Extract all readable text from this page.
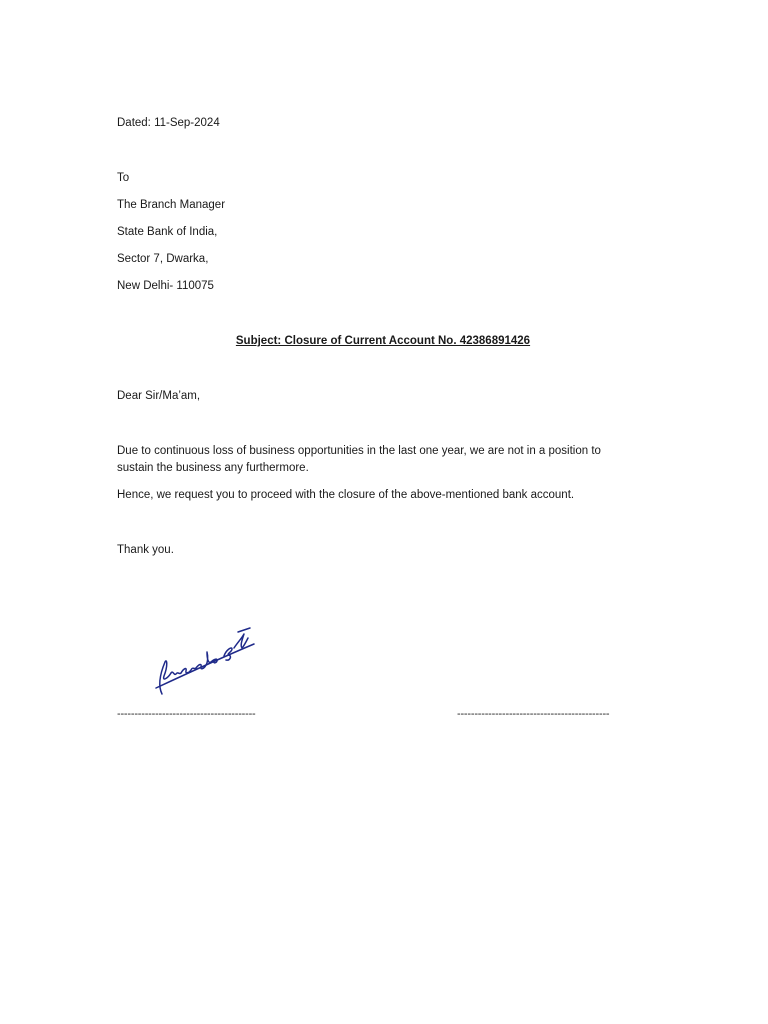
Dated: 11-Sep-2024

To

The Branch Manager

State Bank of India,

Sector 7, Dwarka,

New Delhi- 110075

Subject: Closure of Current Account No. 42386891426

Dear Sir/Ma’am,

Due to continuous loss of business opportunities in the last one year, we are not in a position to sustain the business any furthermore.

Hence, we request you to proceed with the closure of the above-mentioned bank account.

Thank you.

----------------------------------------	--------------------------------------------
